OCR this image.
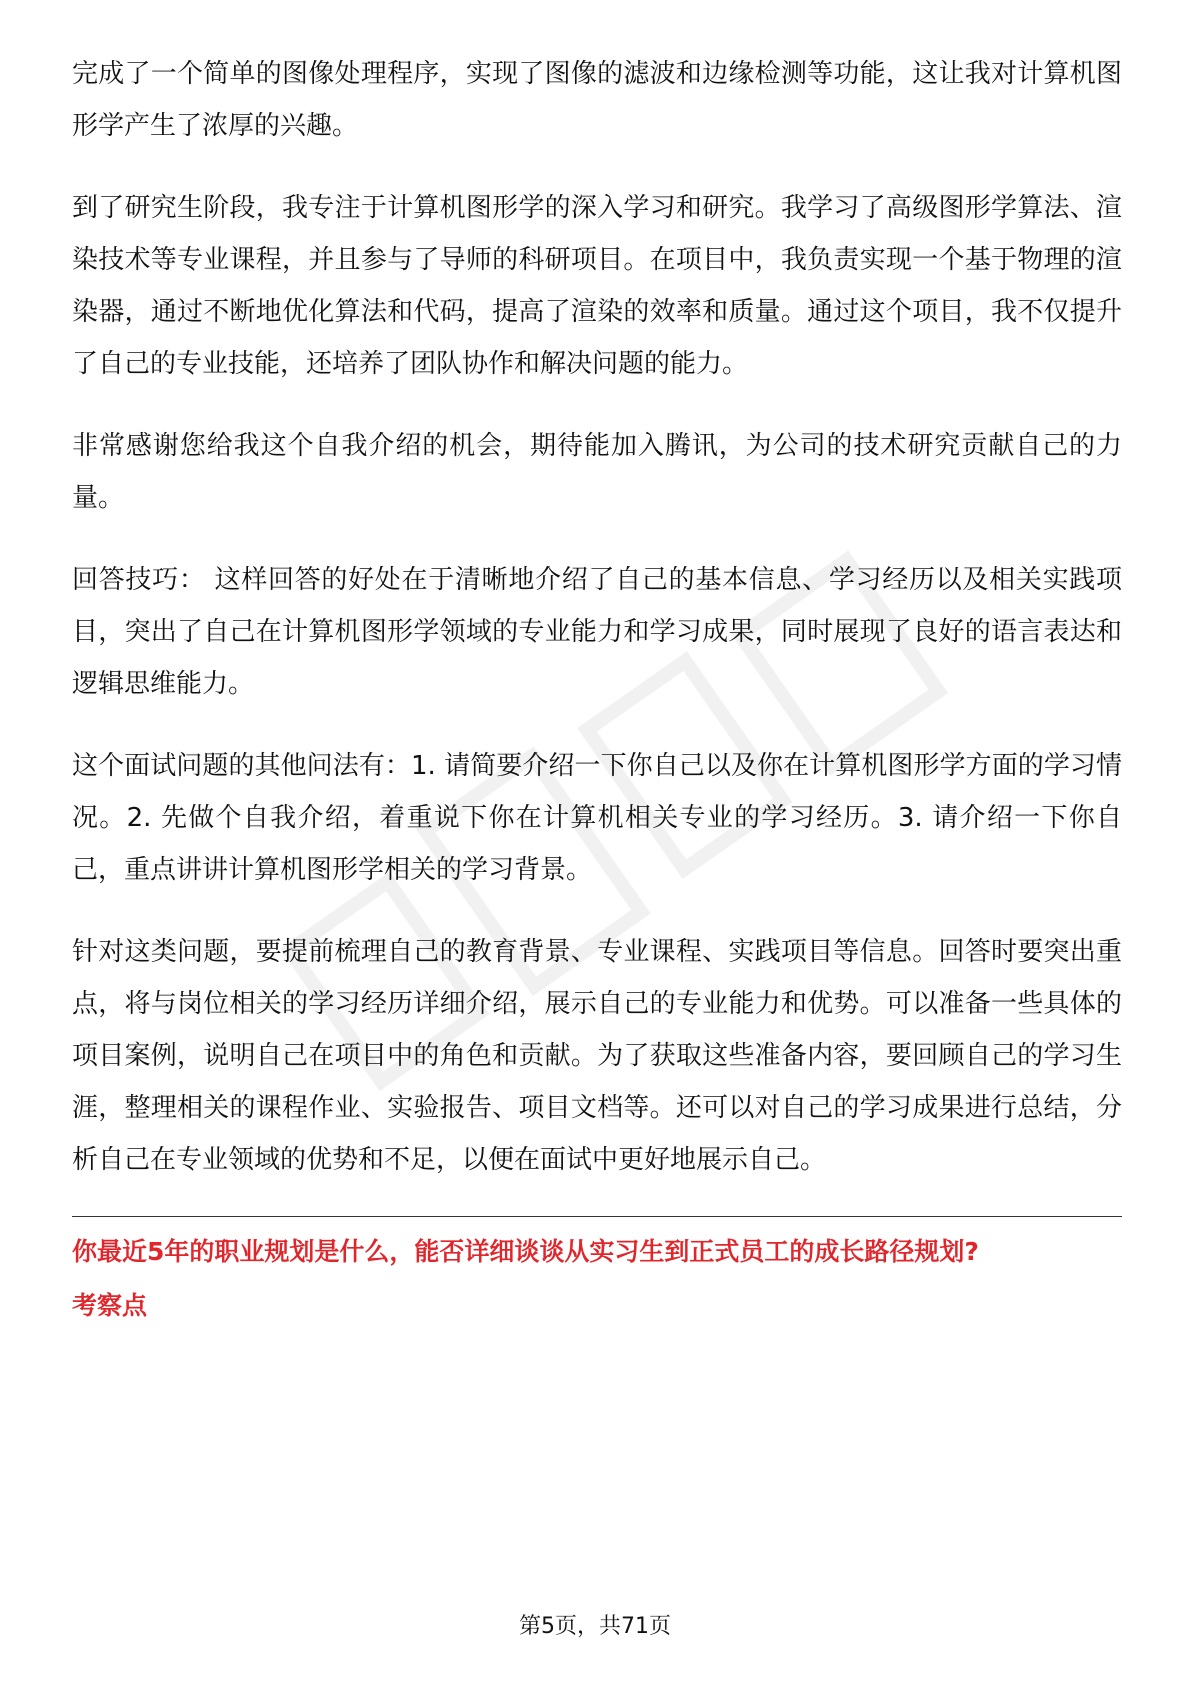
完成了一个简单的图像处理程序，实现了图像的滤波和边缘检测等功能，这让我对计算机图形学产生了浓厚的兴趣。

到了研究生阶段，我专注于计算机图形学的深入学习和研究。我学习了高级图形学算法、渲染技术等专业课程，并且参与了导师的科研项目。在项目中，我负责实现一个基于物理的渲染器，通过不断地优化算法和代码，提高了渲染的效率和质量。通过这个项目，我不仅提升了自己的专业技能，还培养了团队协作和解决问题的能力。

非常感谢您给我这个自我介绍的机会，期待能加入腾讯，为公司的技术研究贡献自己的力量。

回答技巧： 这样回答的好处在于清晰地介绍了自己的基本信息、学习经历以及相关实践项目，突出了自己在计算机图形学领域的专业能力和学习成果，同时展现了良好的语言表达和逻辑思维能力。

这个面试问题的其他问法有：1. 请简要介绍一下你自己以及你在计算机图形学方面的学习情况。2. 先做个自我介绍，着重说下你在计算机相关专业的学习经历。3. 请介绍一下你自己，重点讲讲计算机图形学相关的学习背景。

针对这类问题，要提前梳理自己的教育背景、专业课程、实践项目等信息。回答时要突出重点，将与岗位相关的学习经历详细介绍，展示自己的专业能力和优势。可以准备一些具体的项目案例，说明自己在项目中的角色和贡献。为了获取这些准备内容，要回顾自己的学习生涯，整理相关的课程作业、实验报告、项目文档等。还可以对自己的学习成果进行总结，分析自己在专业领域的优势和不足，以便在面试中更好地展示自己。

你最近5年的职业规划是什么，能否详细谈谈从实习生到正式员工的成长路径规划?
考察点
第5页，共71页
